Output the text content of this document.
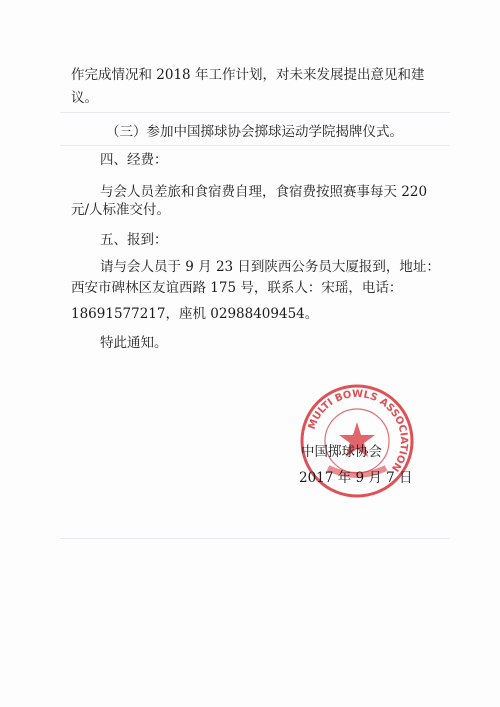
作完成情况和 2018 年工作计划，对未来发展提出意见和建
议。
（三）参加中国掷球协会掷球运动学院揭牌仪式。
四、经费：
与会人员差旅和食宿费自理，食宿费按照赛事每天 220
元/人标准交付。
五、报到：
请与会人员于 9 月 23 日到陕西公务员大厦报到，地址：
西安市碑林区友谊西路 175 号，联系人：宋瑶，电话：
18691577217，座机 02988409454。
特此通知。
MULTI BOWLS ASSOCIATION
中国掷球协会
2017 年 9 月 7 日
